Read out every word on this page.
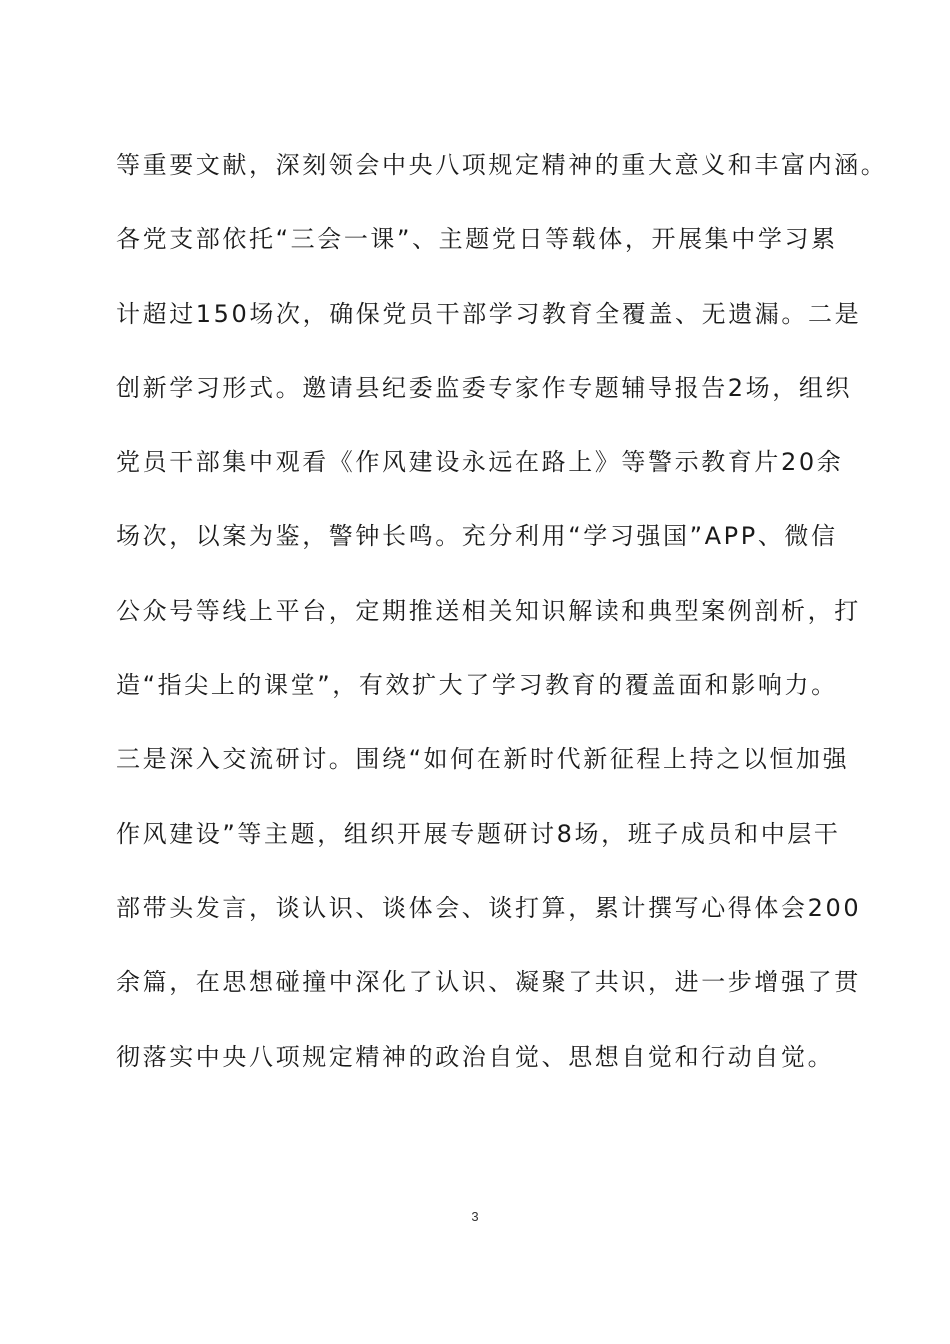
等重要文献，深刻领会中央八项规定精神的重大意义和丰富内涵。
各党支部依托“三会一课”、主题党日等载体，开展集中学习累
计超过150场次，确保党员干部学习教育全覆盖、无遗漏。二是
创新学习形式。邀请县纪委监委专家作专题辅导报告2场，组织
党员干部集中观看《作风建设永远在路上》等警示教育片20余
场次，以案为鉴，警钟长鸣。充分利用“学习强国”APP、微信
公众号等线上平台，定期推送相关知识解读和典型案例剖析，打
造“指尖上的课堂”，有效扩大了学习教育的覆盖面和影响力。
三是深入交流研讨。围绕“如何在新时代新征程上持之以恒加强
作风建设”等主题，组织开展专题研讨8场，班子成员和中层干
部带头发言，谈认识、谈体会、谈打算，累计撰写心得体会200
余篇，在思想碰撞中深化了认识、凝聚了共识，进一步增强了贯
彻落实中央八项规定精神的政治自觉、思想自觉和行动自觉。
3
